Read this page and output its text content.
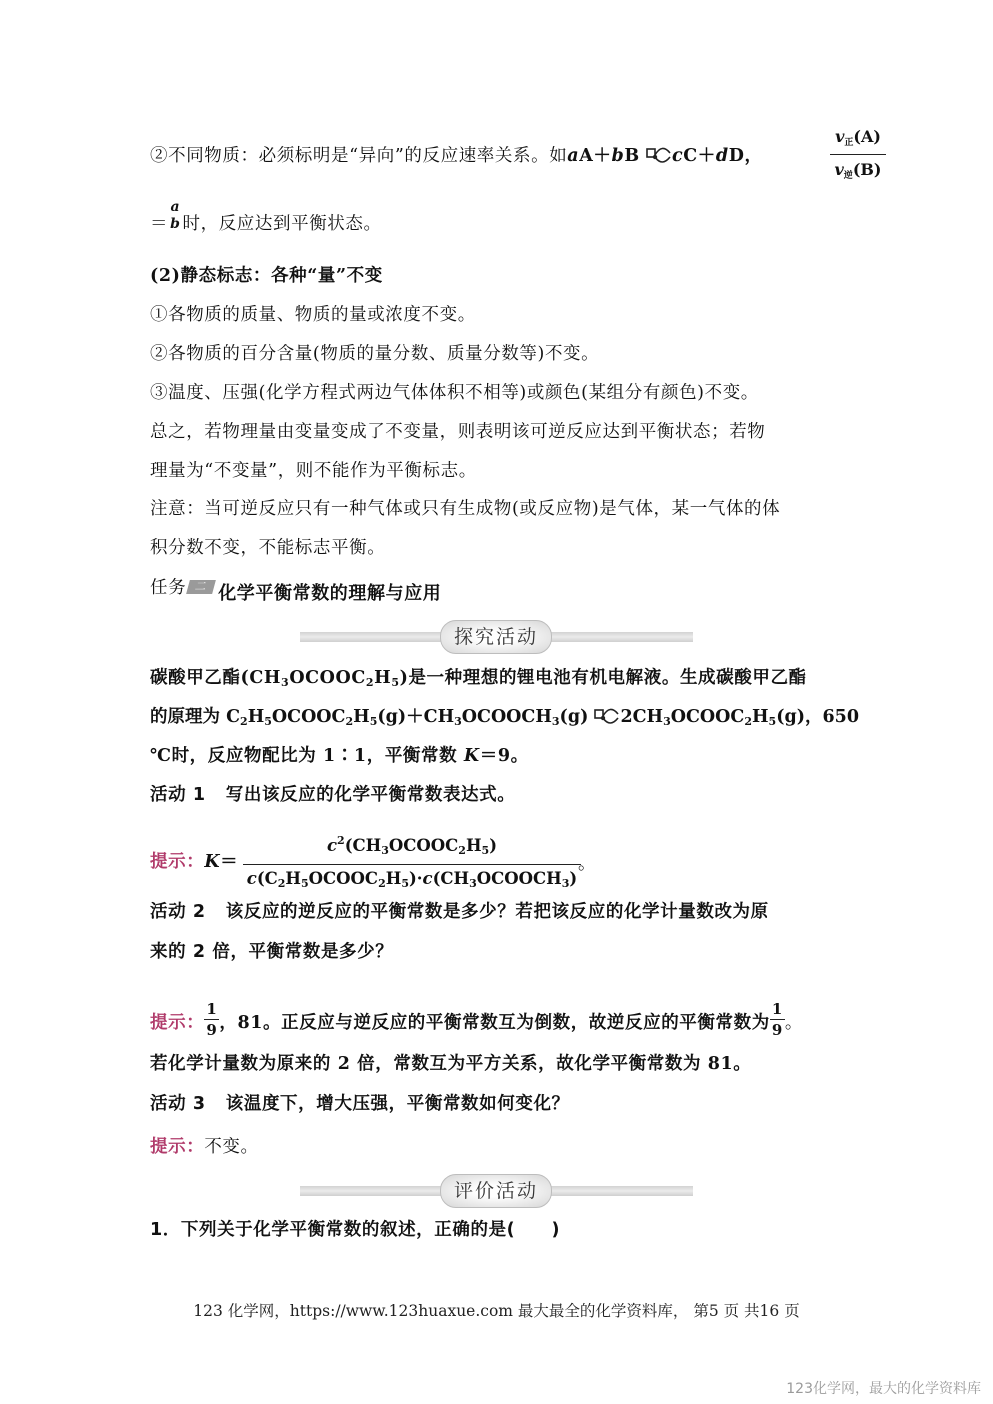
②不同物质：必须标明是“异向”的反应速率关系。如aA＋bB cC＋dD，
$v_正(A)$
$v_逆(B)$
＝
a
b 时，反应达到平衡状态。
(2)静态标志：各种“量”不变
①各物质的质量、物质的量或浓度不变。
②各物质的百分含量(物质的量分数、质量分数等)不变。
③温度、压强(化学方程式两边气体体积不相等)或颜色(某组分有颜色)不变。
总之，若物理量由变量变成了不变量，则表明该可逆反应达到平衡状态；若物
理量为“不变量”，则不能作为平衡标志。
注意：当可逆反应只有一种气体或只有生成物(或反应物)是气体，某一气体的体
积分数不变，不能标志平衡。
任务 二 化学平衡常数的理解与应用
探究活动
碳酸甲乙酯$(CH_3OCOOC_2H_5)$是一种理想的锂电池有机电解液。生成碳酸甲乙酯
的原理为 $C_2H_5OCOOC_2H_5(g)+CH_3OCOOCH_3(g)$ $2CH_3OCOOC_2H_5(g)$，650
℃时，反应物配比为 1∶1，平衡常数 K＝9。
活动 1 写出该反应的化学平衡常数表达式。
提示：K＝
$c^2(CH_3OCOOC_2H_5)$
$c(C_2H_5OCOOC_2H_5)\cdot c(CH_3OCOOCH_3)$
。
活动 2 该反应的逆反应的平衡常数是多少？若把该反应的化学计量数改为原
来的 2 倍，平衡常数是多少？
提示： $\frac{1}{9}$ ，81。正反应与逆反应的平衡常数互为倒数，故逆反应的平衡常数为 $\frac{1}{9}$ 。
若化学计量数为原来的 2 倍，常数互为平方关系，故化学平衡常数为 81。
活动 3 该温度下，增大压强，平衡常数如何变化？
提示：不变。
评价活动
1．下列关于化学平衡常数的叙述，正确的是(　　)
123 化学网，https://www.123huaxue.com 最大最全的化学资料库， 第5 页 共16 页
123化学网，最大的化学资料库
